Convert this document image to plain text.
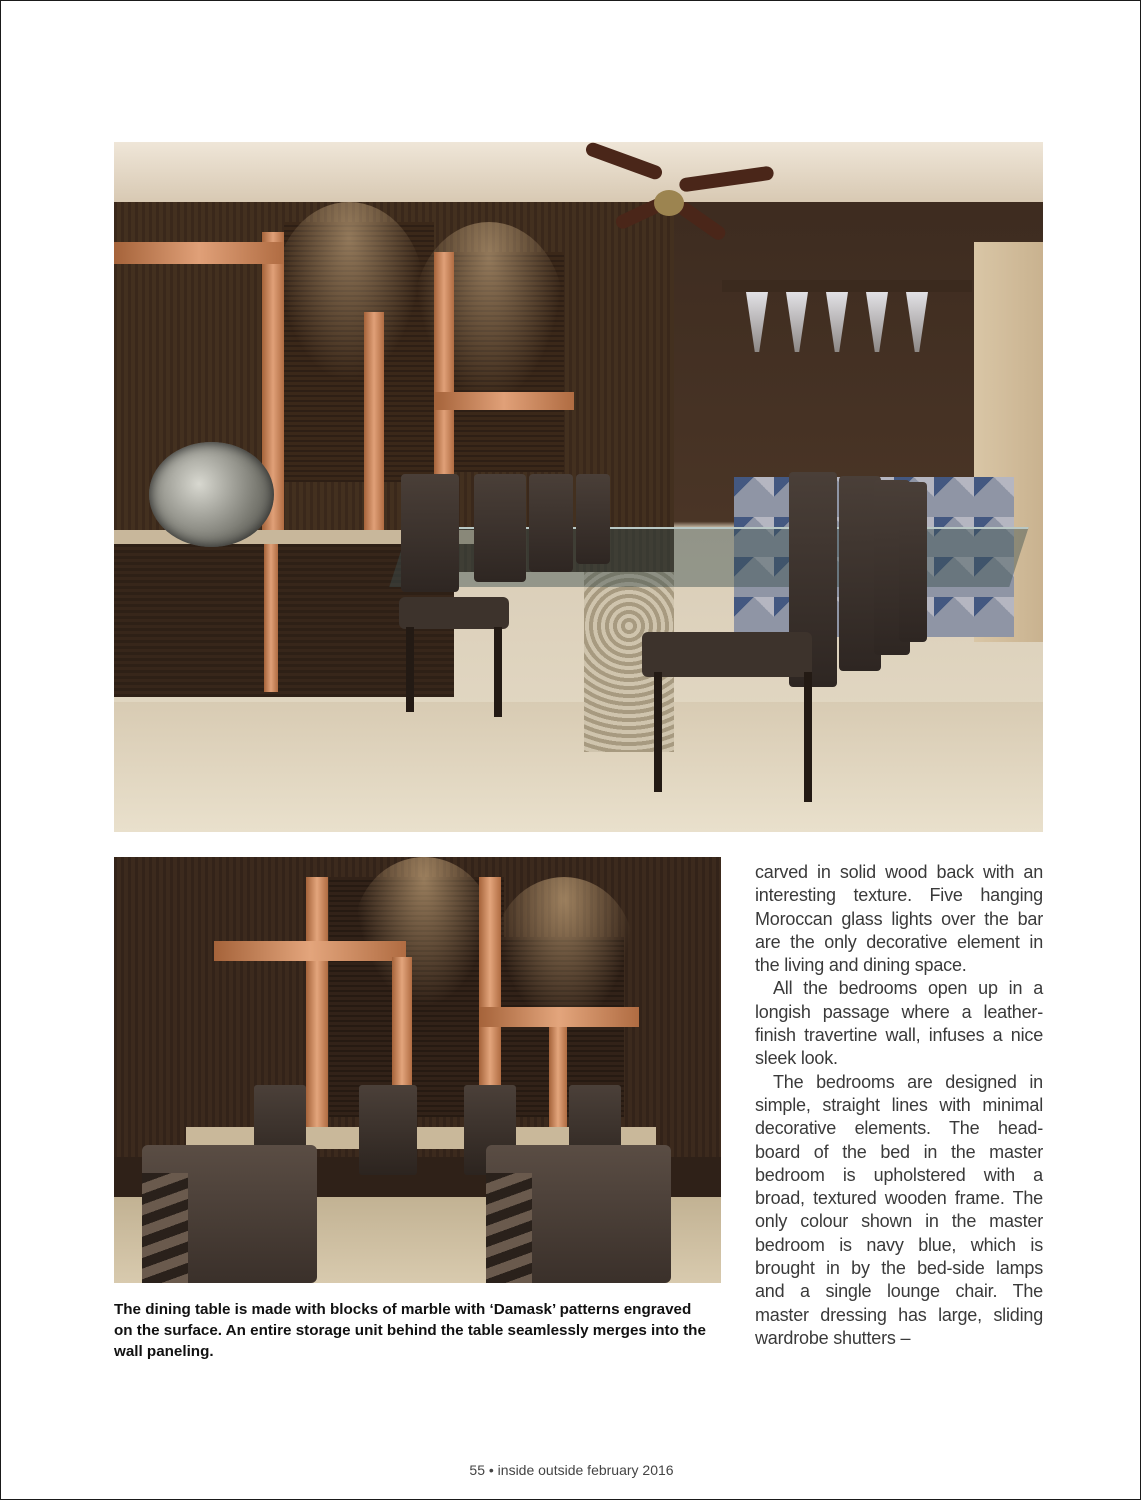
The dining table is made with blocks of marble with ‘Damask’ patterns engraved on the surface. An entire storage unit behind the table seamlessly merges into the wall paneling.

carved in solid wood back with an interesting texture. Five hanging Moroccan glass lights over the bar are the only decorative element in the living and dining space.

All the bedrooms open up in a longish passage where a leather-finish travertine wall, infuses a nice sleek look.

The bedrooms are designed in simple, straight lines with minimal decorative elements. The head-board of the bed in the master bedroom is upholstered with a broad, textured wooden frame. The only colour shown in the master bedroom is navy blue, which is brought in by the bed-side lamps and a single lounge chair. The master dressing has large, sliding wardrobe shutters –

55 • inside outside february 2016
